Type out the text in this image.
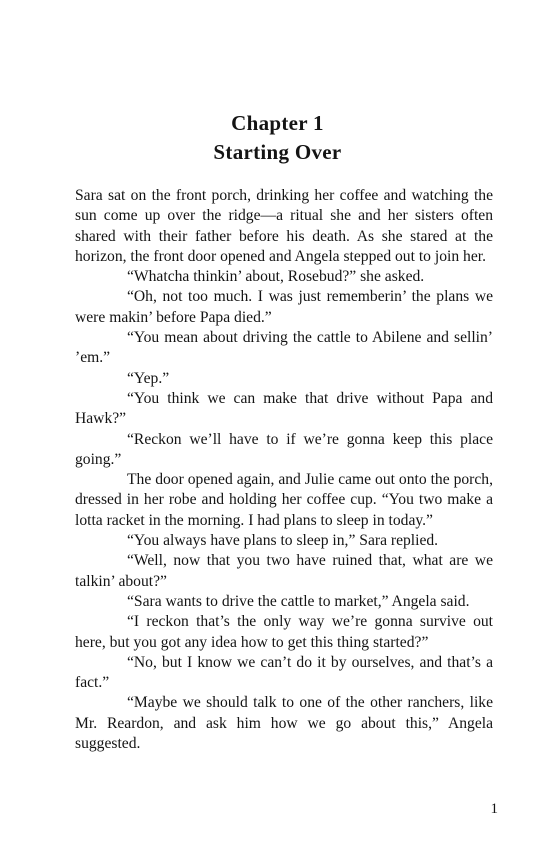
Chapter 1
Starting Over

Sara sat on the front porch, drinking her coffee and watching the sun come up over the ridge—a ritual she and her sisters often shared with their father before his death. As she stared at the horizon, the front door opened and Angela stepped out to join her.

“Whatcha thinkin’ about, Rosebud?” she asked.

“Oh, not too much. I was just rememberin’ the plans we were makin’ before Papa died.”

“You mean about driving the cattle to Abilene and sellin’ ’em.”

“Yep.”

“You think we can make that drive without Papa and Hawk?”

“Reckon we’ll have to if we’re gonna keep this place going.”

The door opened again, and Julie came out onto the porch, dressed in her robe and holding her coffee cup. “You two make a lotta racket in the morning. I had plans to sleep in today.”

“You always have plans to sleep in,” Sara replied.

“Well, now that you two have ruined that, what are we talkin’ about?”

“Sara wants to drive the cattle to market,” Angela said.

“I reckon that’s the only way we’re gonna survive out here, but you got any idea how to get this thing started?”

“No, but I know we can’t do it by ourselves, and that’s a fact.”

“Maybe we should talk to one of the other ranchers, like Mr. Reardon, and ask him how we go about this,” Angela suggested.

1
